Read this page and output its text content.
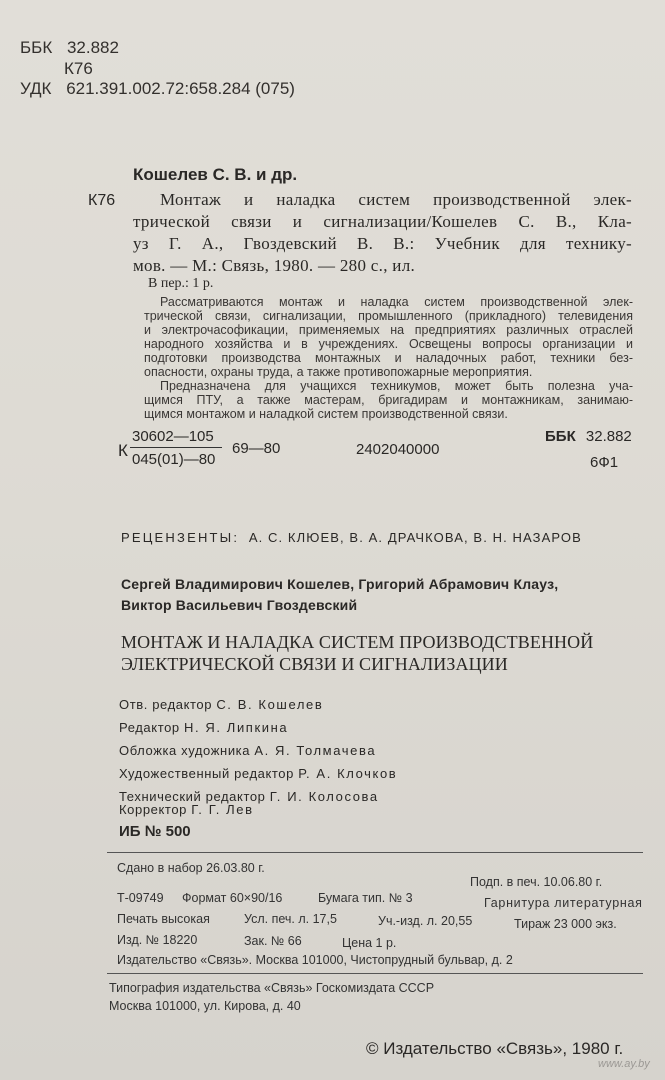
ББК 32.882
К76
УДК 621.391.002.72:658.284 (075)
Кошелев С. В. и др.
К76	Монтаж и наладка систем производственной элек-
трической связи и сигнализации/Кошелев С. В., Кла-
уз Г. А., Гвоздевский В. В.: Учебник для технику-
мов. — М.: Связь, 1980. — 280 с., ил.
В пер.: 1 р.
Рассматриваются монтаж и наладка систем производственной элек-
трической связи, сигнализации, промышленного (прикладного) телевидения
и электрочасофикации, применяемых на предприятиях различных отраслей
народного хозяйства и в учреждениях. Освещены вопросы организации и
подготовки производства монтажных и наладочных работ, техники без-
опасности, охраны труда, а также противопожарные мероприятия.
Предназначена для учащихся техникумов, может быть полезна уча-
щимся ПТУ, а также мастерам, бригадирам и монтажникам, занимаю-
щимся монтажом и наладкой систем производственной связи.
К
30602—105
045(01)—80
69—80	2402040000
ББК 32.882
6Ф1
РЕЦЕНЗЕНТЫ: А. С. КЛЮЕВ, В. А. ДРАЧКОВА, В. Н. НАЗАРОВ
Сергей Владимирович Кошелев, Григорий Абрамович Клауз,
Виктор Васильевич Гвоздевский
МОНТАЖ И НАЛАДКА СИСТЕМ ПРОИЗВОДСТВЕННОЙ
ЭЛЕКТРИЧЕСКОЙ СВЯЗИ И СИГНАЛИЗАЦИИ
Отв. редактор С. В. Кошелев
Редактор Н. Я. Липкина
Обложка художника А. Я. Толмачева
Художественный редактор Р. А. Клочков
Технический редактор Г. И. Колосова
Корректор Г. Г. Лев
ИБ № 500
Сдано в набор 26.03.80 г.
Подп. в печ. 10.06.80 г.
Т-09749 Формат 60×90/16	Бумага тип. № 3	Гарнитура литературная
Печать высокая	Усл. печ. л. 17,5	Уч.-изд. л. 20,55	Тираж 23 000 экз.
Изд. № 18220	Зак. № 66	Цена 1 р.
Издательство «Связь». Москва 101000, Чистопрудный бульвар, д. 2
Типография издательства «Связь» Госкомиздата СССР
Москва 101000, ул. Кирова, д. 40
© Издательство «Связь», 1980 г.
www.ay.by
